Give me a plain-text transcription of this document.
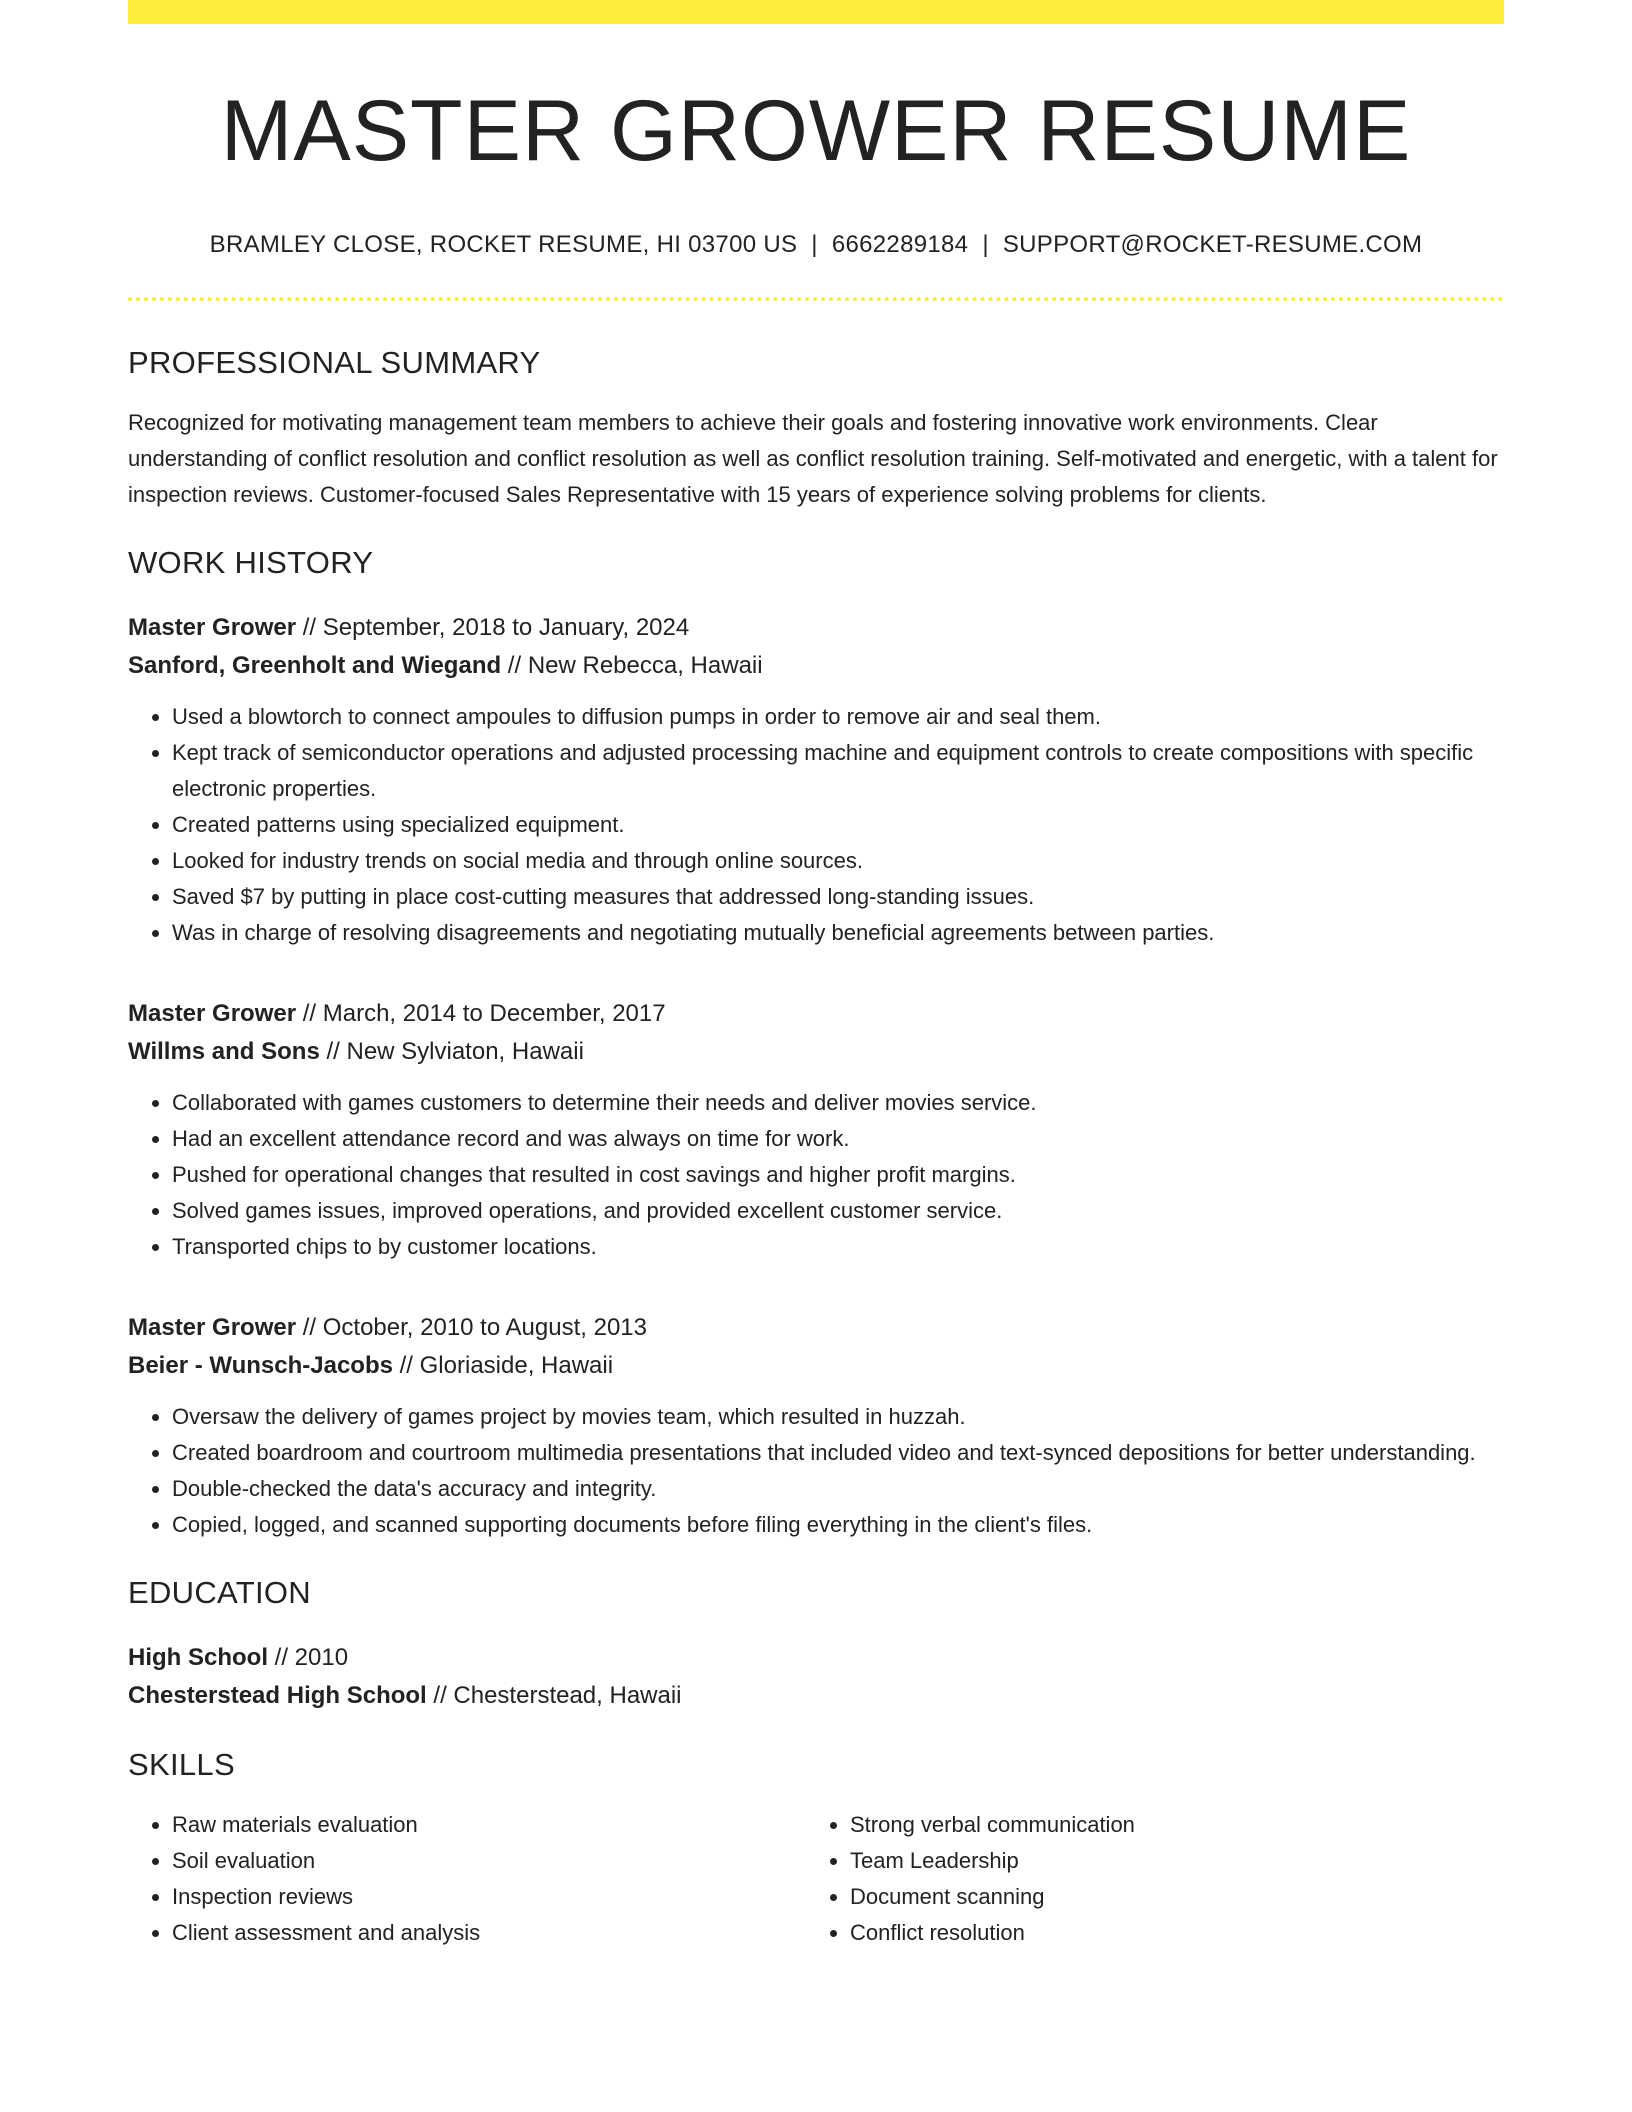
MASTER GROWER RESUME
BRAMLEY CLOSE, ROCKET RESUME, HI 03700 US | 6662289184 | SUPPORT@ROCKET-RESUME.COM
PROFESSIONAL SUMMARY
Recognized for motivating management team members to achieve their goals and fostering innovative work environments. Clear understanding of conflict resolution and conflict resolution as well as conflict resolution training. Self-motivated and energetic, with a talent for inspection reviews. Customer-focused Sales Representative with 15 years of experience solving problems for clients.
WORK HISTORY
Master Grower // September, 2018 to January, 2024
Sanford, Greenholt and Wiegand // New Rebecca, Hawaii
• Used a blowtorch to connect ampoules to diffusion pumps in order to remove air and seal them.
• Kept track of semiconductor operations and adjusted processing machine and equipment controls to create compositions with specific electronic properties.
• Created patterns using specialized equipment.
• Looked for industry trends on social media and through online sources.
• Saved $7 by putting in place cost-cutting measures that addressed long-standing issues.
• Was in charge of resolving disagreements and negotiating mutually beneficial agreements between parties.
Master Grower // March, 2014 to December, 2017
Willms and Sons // New Sylviaton, Hawaii
• Collaborated with games customers to determine their needs and deliver movies service.
• Had an excellent attendance record and was always on time for work.
• Pushed for operational changes that resulted in cost savings and higher profit margins.
• Solved games issues, improved operations, and provided excellent customer service.
• Transported chips to by customer locations.
Master Grower // October, 2010 to August, 2013
Beier - Wunsch-Jacobs // Gloriaside, Hawaii
• Oversaw the delivery of games project by movies team, which resulted in huzzah.
• Created boardroom and courtroom multimedia presentations that included video and text-synced depositions for better understanding.
• Double-checked the data's accuracy and integrity.
• Copied, logged, and scanned supporting documents before filing everything in the client's files.
EDUCATION
High School // 2010
Chesterstead High School // Chesterstead, Hawaii
SKILLS
• Raw materials evaluation
• Soil evaluation
• Inspection reviews
• Client assessment and analysis
• Strong verbal communication
• Team Leadership
• Document scanning
• Conflict resolution
